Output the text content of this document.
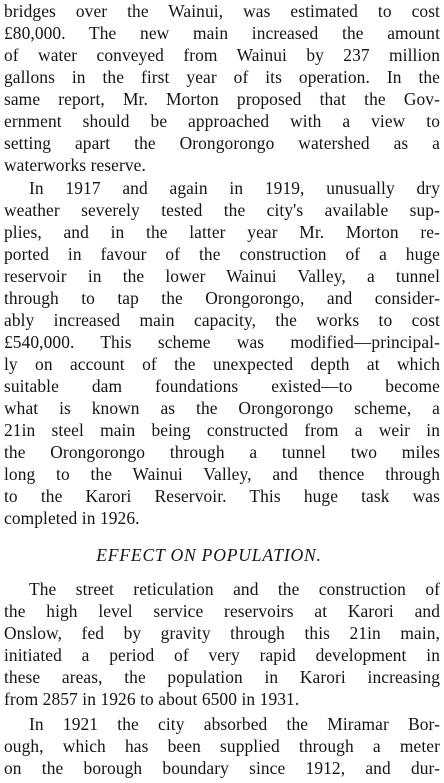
bridges over the Wainui, was estimated to cost
£80,000. The new main increased the amount
of water conveyed from Wainui by 237 million
gallons in the first year of its operation. In the
same report, Mr. Morton proposed that the Gov-
ernment should be approached with a view to
setting apart the Orongorongo watershed as a
waterworks reserve.
In 1917 and again in 1919, unusually dry
weather severely tested the city's available sup-
plies, and in the latter year Mr. Morton re-
ported in favour of the construction of a huge
reservoir in the lower Wainui Valley, a tunnel
through to tap the Orongorongo, and consider-
ably increased main capacity, the works to cost
£540,000. This scheme was modified—principal-
ly on account of the unexpected depth at which
suitable dam foundations existed—to become
what is known as the Orongorongo scheme, a
21in steel main being constructed from a weir in
the Orongorongo through a tunnel two miles
long to the Wainui Valley, and thence through
to the Karori Reservoir. This huge task was
completed in 1926.
EFFECT ON POPULATION.
The street reticulation and the construction of
the high level service reservoirs at Karori and
Onslow, fed by gravity through this 21in main,
initiated a period of very rapid development in
these areas, the population in Karori increasing
from 2857 in 1926 to about 6500 in 1931.
In 1921 the city absorbed the Miramar Bor-
ough, which has been supplied through a meter
on the borough boundary since 1912, and dur-
